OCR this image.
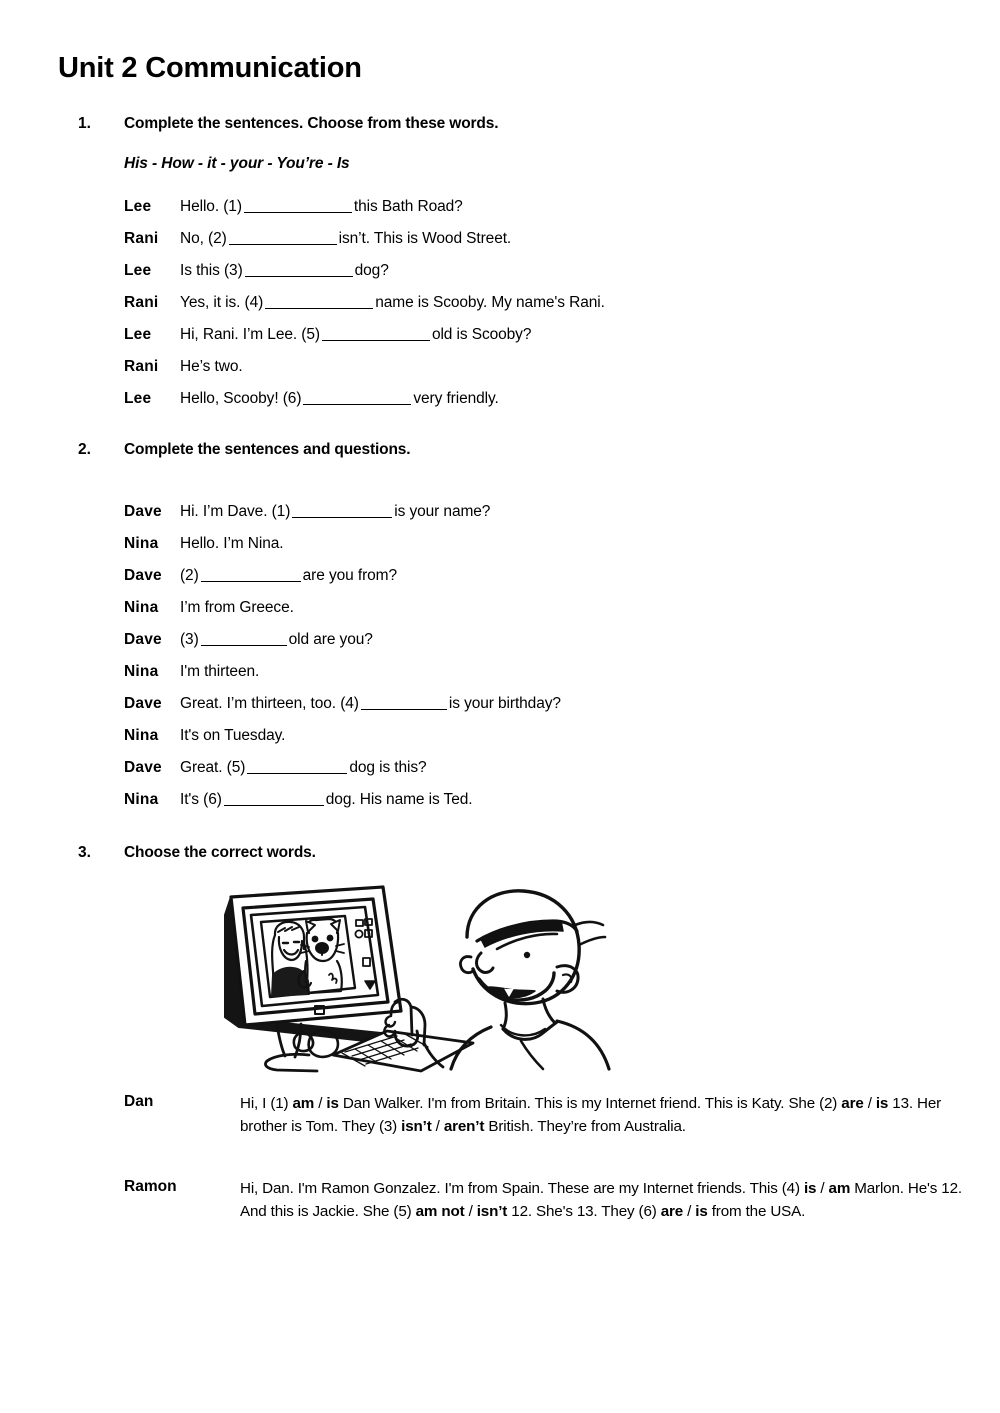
Unit 2 Communication
1. Complete the sentences. Choose from these words.
His - How - it - your - You’re - Is
Lee Hello. (1)	this Bath Road?
Rani No, (2)	isn’t. This is Wood Street.
Lee Is this (3)	dog?
Rani Yes, it is. (4)	name is Scooby. My name's Rani.
Lee Hi, Rani. I’m Lee. (5)	old is Scooby?
Rani He’s two.
Lee Hello, Scooby! (6)	very friendly.
2. Complete the sentences and questions.
Dave Hi. I’m Dave. (1)	is your name?
Nina Hello. I’m Nina.
Dave (2)	are you from?
Nina I’m from Greece.
Dave (3)	old are you?
Nina I'm thirteen.
Dave Great. I’m thirteen, too. (4)	is your birthday?
Nina It's on Tuesday.
Dave Great. (5)	dog is this?
Nina It's (6)	dog. His name is Ted.
3. Choose the correct words.
Dan	Hi, I (1) am / is Dan Walker. I'm from Britain. This is my Internet friend. This is Katy. She (2) are / is 13. Her brother is Tom. They (3) isn’t / aren’t British. They’re from Australia.
Ramon	Hi, Dan. I'm Ramon Gonzalez. I'm from Spain. These are my Internet friends. This (4) is / am Marlon. He's 12. And this is Jackie. She (5) am not / isn’t 12. She's 13. They (6) are / is from the USA.
